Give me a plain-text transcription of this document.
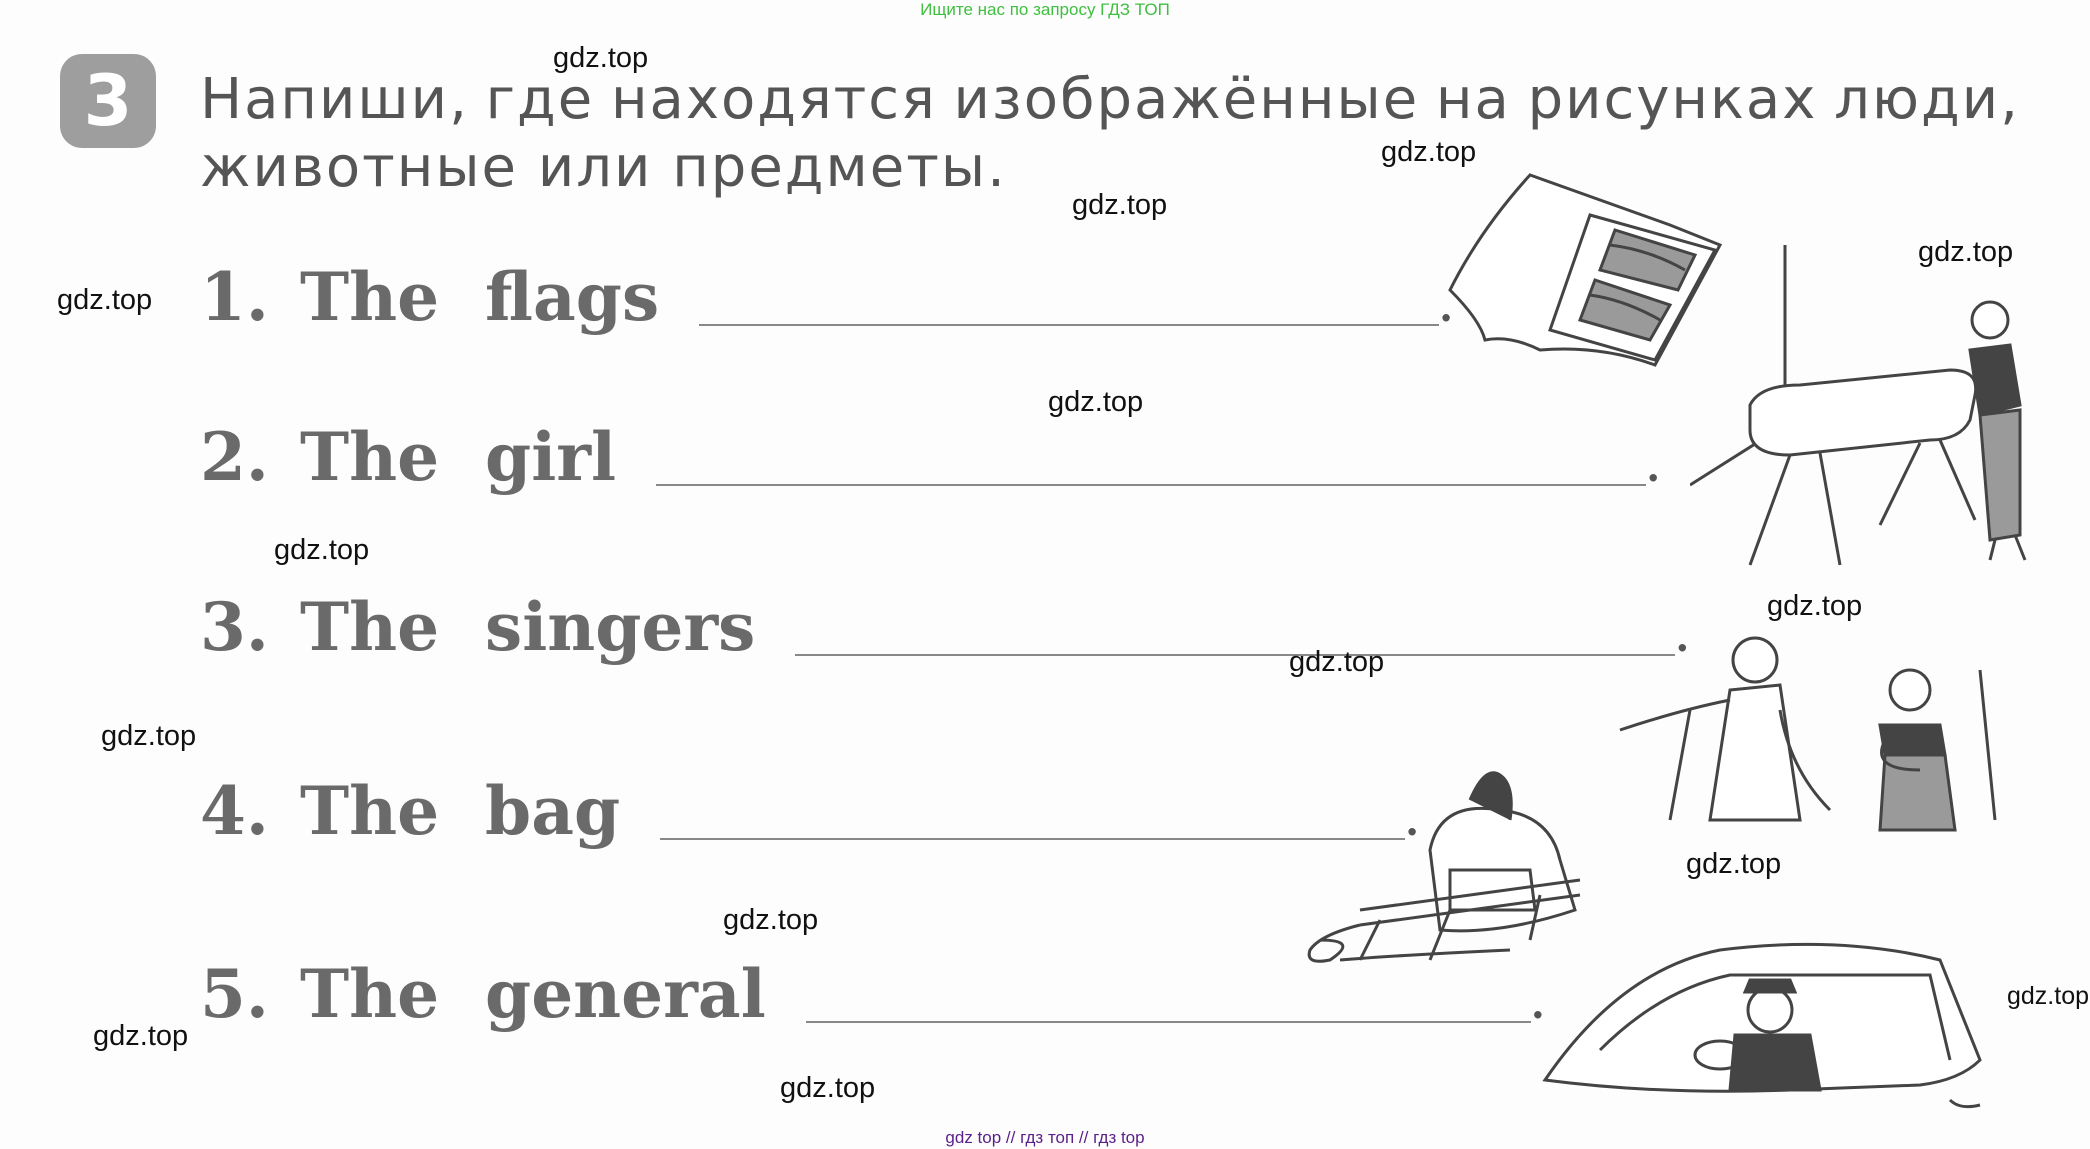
Ищите нас по запросу ГДЗ ТОП
3	Напиши, где находятся изображённые на рисунках люди,
животные или предметы.
1. The  flags
.
2. The  girl
.
3. The  singers
.
4. The  bag
.
5. The  general
.
gdz.top
gdz.top
gdz.top
gdz.top
gdz.top
gdz.top
gdz.top
gdz.top
gdz.top
gdz.top
gdz.top
gdz.top
gdz.top
gdz.top
gdz.top
gdz top // гдз топ // гдз top
